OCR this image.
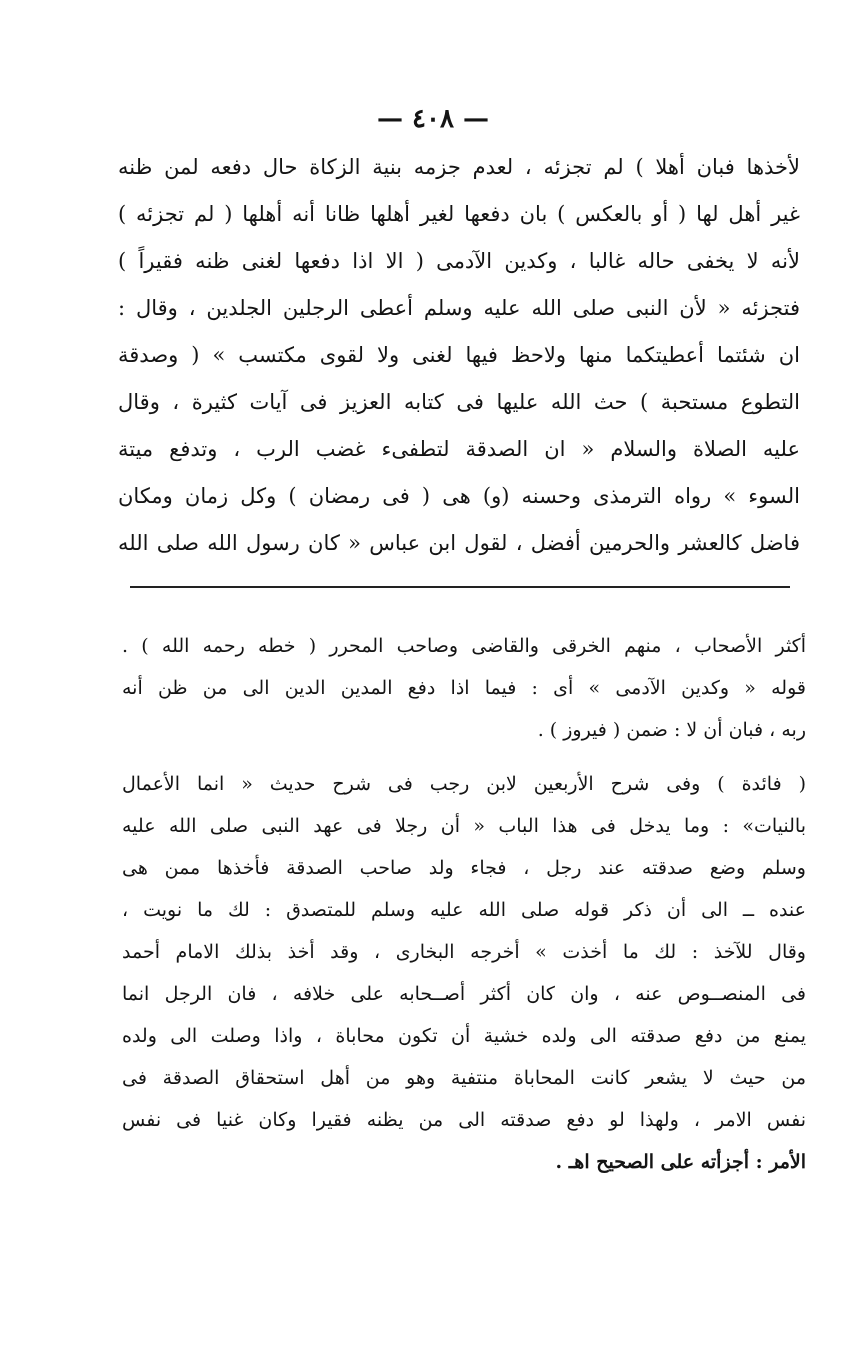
— ٤٠٨ —
لأخذها فبان أهلا ) لم تجزئه ، لعدم جزمه بنية الزكاة حال دفعه لمن ظنه
غير أهل لها ( أو بالعكس ) بان دفعها لغير أهلها ظانا أنه أهلها ( لم تجزئه )
لأنه لا يخفى حاله غالبا ، وكدين الآدمى ( الا اذا دفعها لغنى ظنه فقيراً )
فتجزئه « لأن النبى صلى الله عليه وسلم أعطى الرجلين الجلدين ، وقال :
ان شئتما أعطيتكما منها ولاحظ فيها لغنى ولا لقوى مكتسب » ( وصدقة
التطوع مستحبة ) حث الله عليها فى كتابه العزيز فى آيات كثيرة ، وقال
عليه الصلاة والسلام « ان الصدقة لتطفىء غضب الرب ، وتدفع ميتة
السوء » رواه الترمذى وحسنه (و) هى ( فى رمضان ) وكل زمان ومكان
فاضل كالعشر والحرمين أفضل ، لقول ابن عباس « كان رسول الله صلى الله
أكثر الأصحاب ، منهم الخرقى والقاضى وصاحب المحرر ( خطه رحمه الله ) .
قوله « وكدين الآدمى » أى : فيما اذا دفع المدين الدين الى من ظن أنه
ربه ، فبان أن لا : ضمن ( فيروز ) .
( فائدة ) وفى شرح الأربعين لابن رجب فى شرح حديث « انما الأعمال
بالنيات» : وما يدخل فى هذا الباب « أن رجلا فى عهد النبى صلى الله عليه
وسلم وضع صدقته عند رجل ، فجاء ولد صاحب الصدقة فأخذها ممن هى
عنده ــ الى أن ذكر قوله صلى الله عليه وسلم للمتصدق : لك ما نويت ،
وقال للآخذ : لك ما أخذت » أخرجه البخارى ، وقد أخذ بذلك الامام أحمد
فى المنصــوص عنه ، وان كان أكثر أصــحابه على خلافه ، فان الرجل انما
يمنع من دفع صدقته الى ولده خشية أن تكون محاباة ، واذا وصلت الى ولده
من حيث لا يشعر كانت المحاباة منتفية وهو من أهل استحقاق الصدقة فى
نفس الامر ، ولهذا لو دفع صدقته الى من يظنه فقيرا وكان غنيا فى نفس
الأمر : أجزأته على الصحيح اهـ .
